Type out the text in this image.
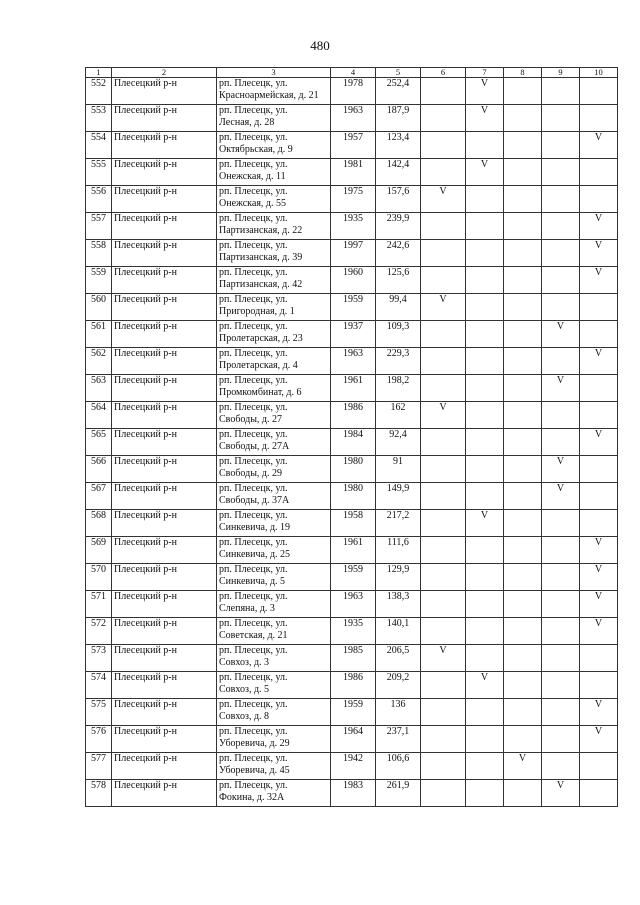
480
1	2	3	4	5	6	7	8	9	10
552	Плесецкий р-н	рп. Плесецк, ул.
Красноармейская, д. 21	1978	252,4		V			
553	Плесецкий р-н	рп. Плесецк, ул.
Лесная, д. 28	1963	187,9		V			
554	Плесецкий р-н	рп. Плесецк, ул.
Октябрьская, д. 9	1957	123,4					V
555	Плесецкий р-н	рп. Плесецк, ул.
Онежская, д. 11	1981	142,4		V			
556	Плесецкий р-н	рп. Плесецк, ул.
Онежская, д. 55	1975	157,6	V				
557	Плесецкий р-н	рп. Плесецк, ул.
Партизанская, д. 22	1935	239,9					V
558	Плесецкий р-н	рп. Плесецк, ул.
Партизанская, д. 39	1997	242,6					V
559	Плесецкий р-н	рп. Плесецк, ул.
Партизанская, д. 42	1960	125,6					V
560	Плесецкий р-н	рп. Плесецк, ул.
Пригородная, д. 1	1959	99,4	V				
561	Плесецкий р-н	рп. Плесецк, ул.
Пролетарская, д. 23	1937	109,3				V	
562	Плесецкий р-н	рп. Плесецк, ул.
Пролетарская, д. 4	1963	229,3					V
563	Плесецкий р-н	рп. Плесецк, ул.
Промкомбинат, д. 6	1961	198,2				V	
564	Плесецкий р-н	рп. Плесецк, ул.
Свободы, д. 27	1986	162	V				
565	Плесецкий р-н	рп. Плесецк, ул.
Свободы, д. 27А	1984	92,4					V
566	Плесецкий р-н	рп. Плесецк, ул.
Свободы, д. 29	1980	91				V	
567	Плесецкий р-н	рп. Плесецк, ул.
Свободы, д. 37А	1980	149,9				V	
568	Плесецкий р-н	рп. Плесецк, ул.
Синкевича, д. 19	1958	217,2		V			
569	Плесецкий р-н	рп. Плесецк, ул.
Синкевича, д. 25	1961	111,6					V
570	Плесецкий р-н	рп. Плесецк, ул.
Синкевича, д. 5	1959	129,9					V
571	Плесецкий р-н	рп. Плесецк, ул.
Слепяна, д. 3	1963	138,3					V
572	Плесецкий р-н	рп. Плесецк, ул.
Советская, д. 21	1935	140,1					V
573	Плесецкий р-н	рп. Плесецк, ул.
Совхоз, д. 3	1985	206,5	V				
574	Плесецкий р-н	рп. Плесецк, ул.
Совхоз, д. 5	1986	209,2		V			
575	Плесецкий р-н	рп. Плесецк, ул.
Совхоз, д. 8	1959	136					V
576	Плесецкий р-н	рп. Плесецк, ул.
Уборевича, д. 29	1964	237,1					V
577	Плесецкий р-н	рп. Плесецк, ул.
Уборевича, д. 45	1942	106,6			V		
578	Плесецкий р-н	рп. Плесецк, ул.
Фокина, д. 32А	1983	261,9				V	
